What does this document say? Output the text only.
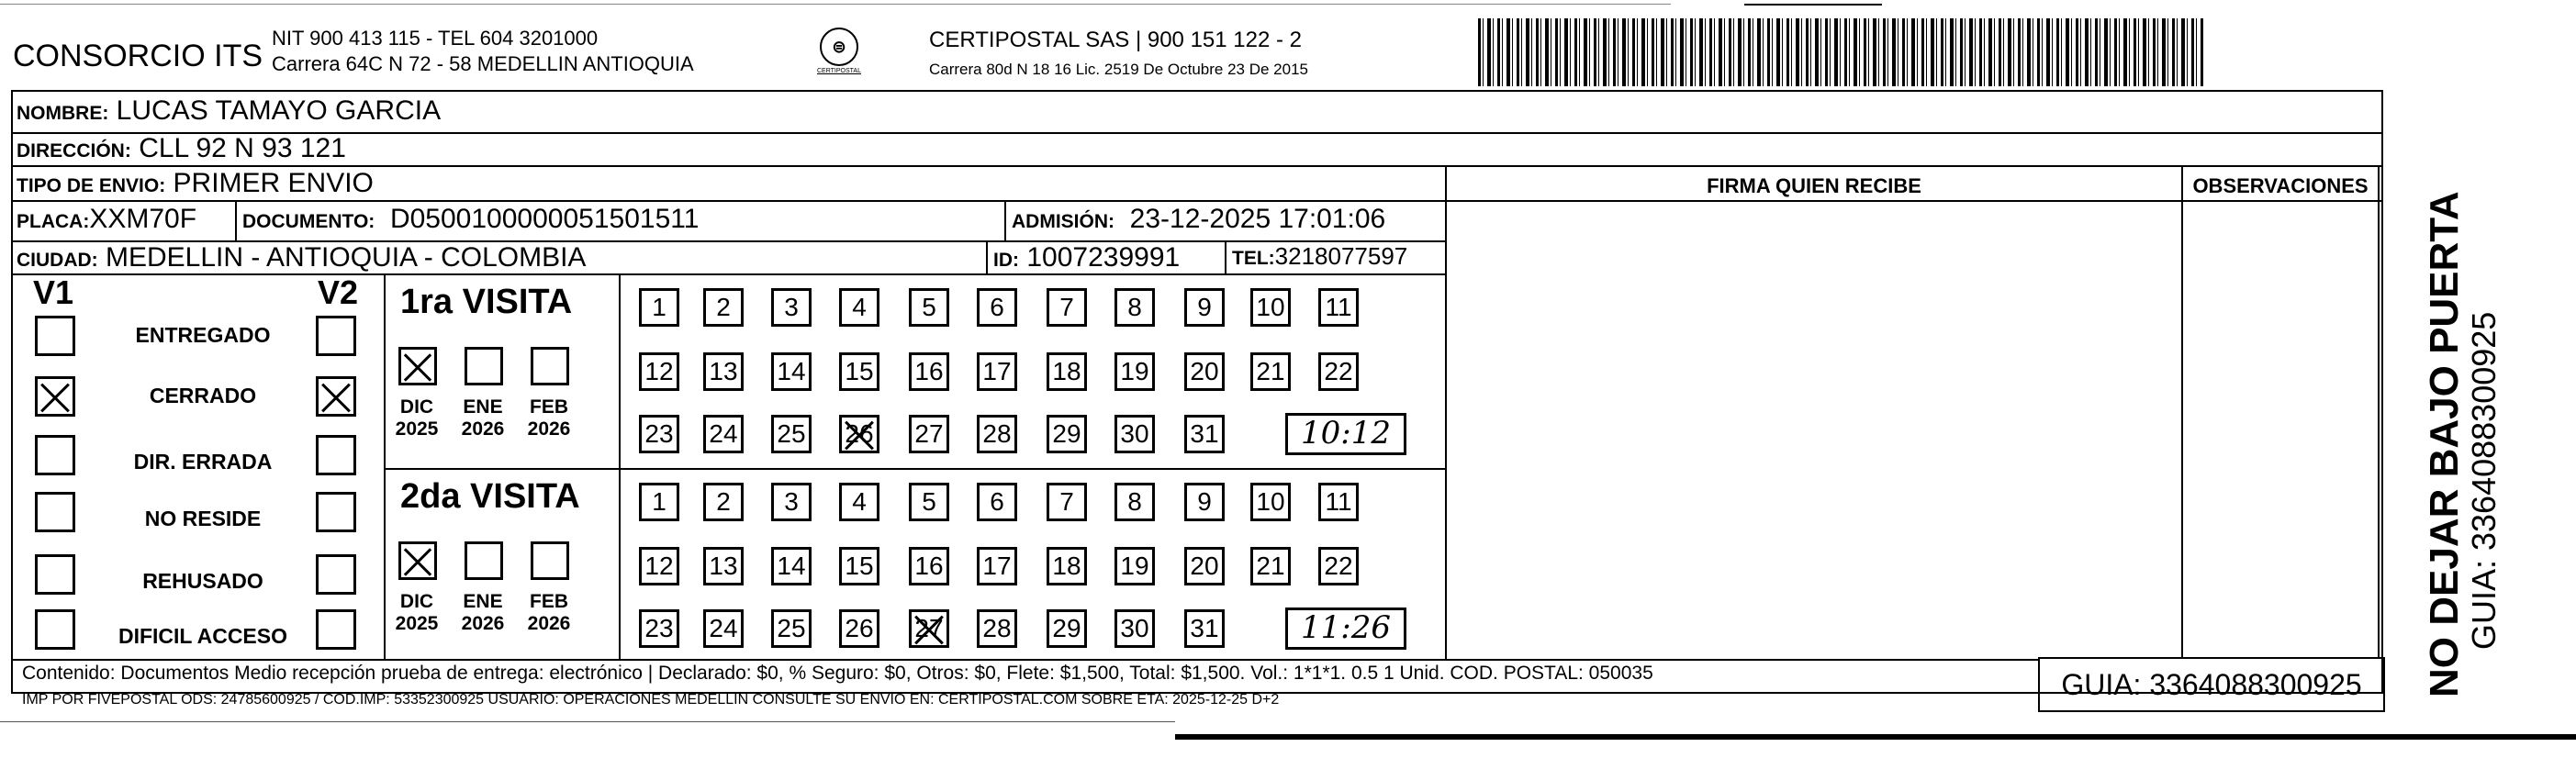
CONSORCIO ITS
NIT 900 413 115 - TEL 604 3201000
Carrera 64C N 72 - 58 MEDELLIN ANTIOQUIA
⊜
CERTIPOSTAL
CERTIPOSTAL SAS | 900 151 122 - 2
Carrera 80d N 18 16 Lic. 2519 De Octubre 23 De 2015
NOMBRE: LUCAS TAMAYO GARCIA
DIRECCIÓN: CLL 92 N 93 121
TIPO DE ENVIO: PRIMER ENVIO	FIRMA QUIEN RECIBE	OBSERVACIONES
PLACA:XXM70F DOCUMENTO: D0500100000051501511	ADMISIÓN: 23-12-2025 17:01:06
CIUDAD: MEDELLIN - ANTIOQUIA - COLOMBIA	ID: 1007239991	TEL:3218077597
V1	V2
ENTREGADO
CERRADO
DIR. ERRADA
NO RESIDE
REHUSADO
DIFICIL ACCESO
1ra VISITA
DIC
2025
ENE
2026
FEB
2026
1	2	3	4	5	6	7	8	9	10 11
12 13 14 15 16 17 18 19 20 21 22
23 24 25 26 27 28 29 30 31	10:12
2da VISITA
DIC
2025
ENE
2026
FEB
2026
1	2	3	4	5	6	7	8	9	10 11
12 13 14 15 16 17 18 19 20 21 22
23 24 25 26 27 28 29 30 31	11:26
Contenido: Documentos Medio recepción prueba de entrega: electrónico | Declarado: $0, % Seguro: $0, Otros: $0, Flete: $1,500, Total: $1,500. Vol.: 1*1*1. 0.5 1 Unid. COD. POSTAL: 050035
IMP POR FIVEPOSTAL ODS: 24785600925 / COD.IMP: 53352300925 USUARIO: OPERACIONES MEDELLIN CONSULTE SU ENVIO EN: CERTIPOSTAL.COM SOBRE ETA: 2025-12-25 D+2	GUIA: 3364088300925	NO DEJAR BAJO PUERTA
GUIA: 3364088300925
